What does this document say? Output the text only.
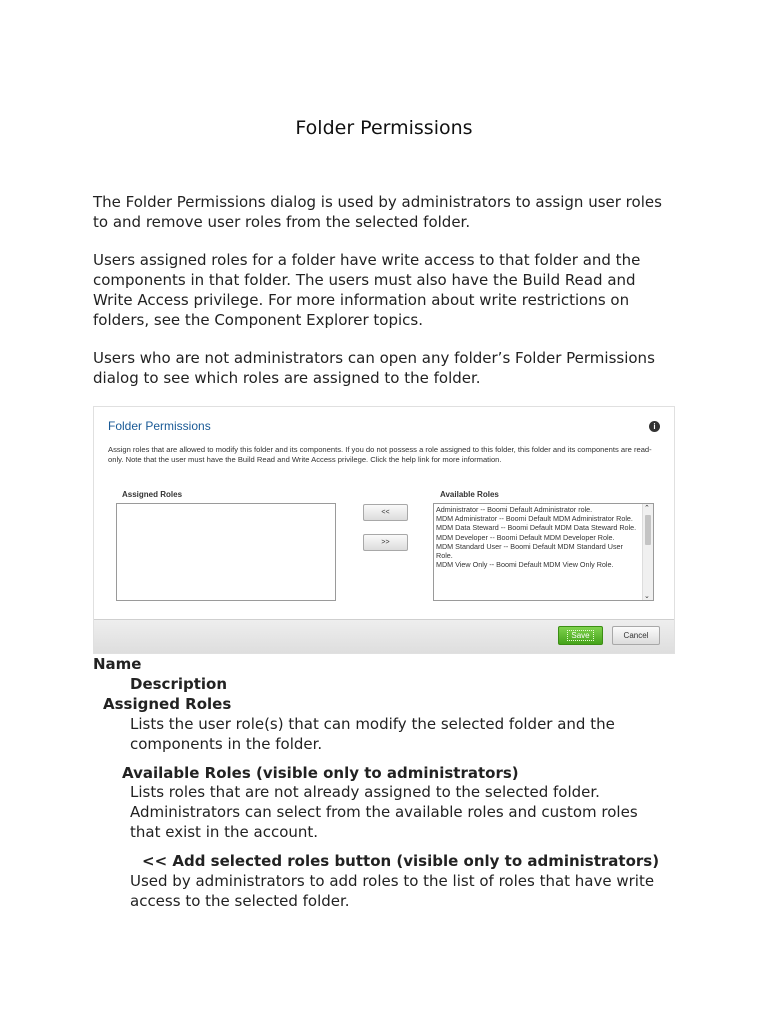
Folder Permissions

The Folder Permissions dialog is used by administrators to assign user roles to and remove user roles from the selected folder.

Users assigned roles for a folder have write access to that folder and the components in that folder. The users must also have the Build Read and Write Access privilege. For more information about write restrictions on folders, see the Component Explorer topics.

Users who are not administrators can open any folder’s Folder Permissions dialog to see which roles are assigned to the folder.

Folder Permissions	i
Assign roles that are allowed to modify this folder and its components. If you do not possess a role assigned to this folder, this folder and its components are read-only. Note that the user must have the Build Read and Write Access privilege. Click the help link for more information.
Assigned Roles
<<
>>
Available Roles
Administrator -- Boomi Default Administrator role.
MDM Administrator -- Boomi Default MDM Administrator Role.
MDM Data Steward -- Boomi Default MDM Data Steward Role.
MDM Developer -- Boomi Default MDM Developer Role.
MDM Standard User -- Boomi Default MDM Standard User Role.
MDM View Only -- Boomi Default MDM View Only Role.
⌃
⌄
Save	Cancel

Name

Description

Assigned Roles

Lists the user role(s) that can modify the selected folder and the components in the folder.

Available Roles (visible only to administrators)

Lists roles that are not already assigned to the selected folder. Administrators can select from the available roles and custom roles that exist in the account.

<< Add selected roles button (visible only to administrators)

Used by administrators to add roles to the list of roles that have write access to the selected folder.
